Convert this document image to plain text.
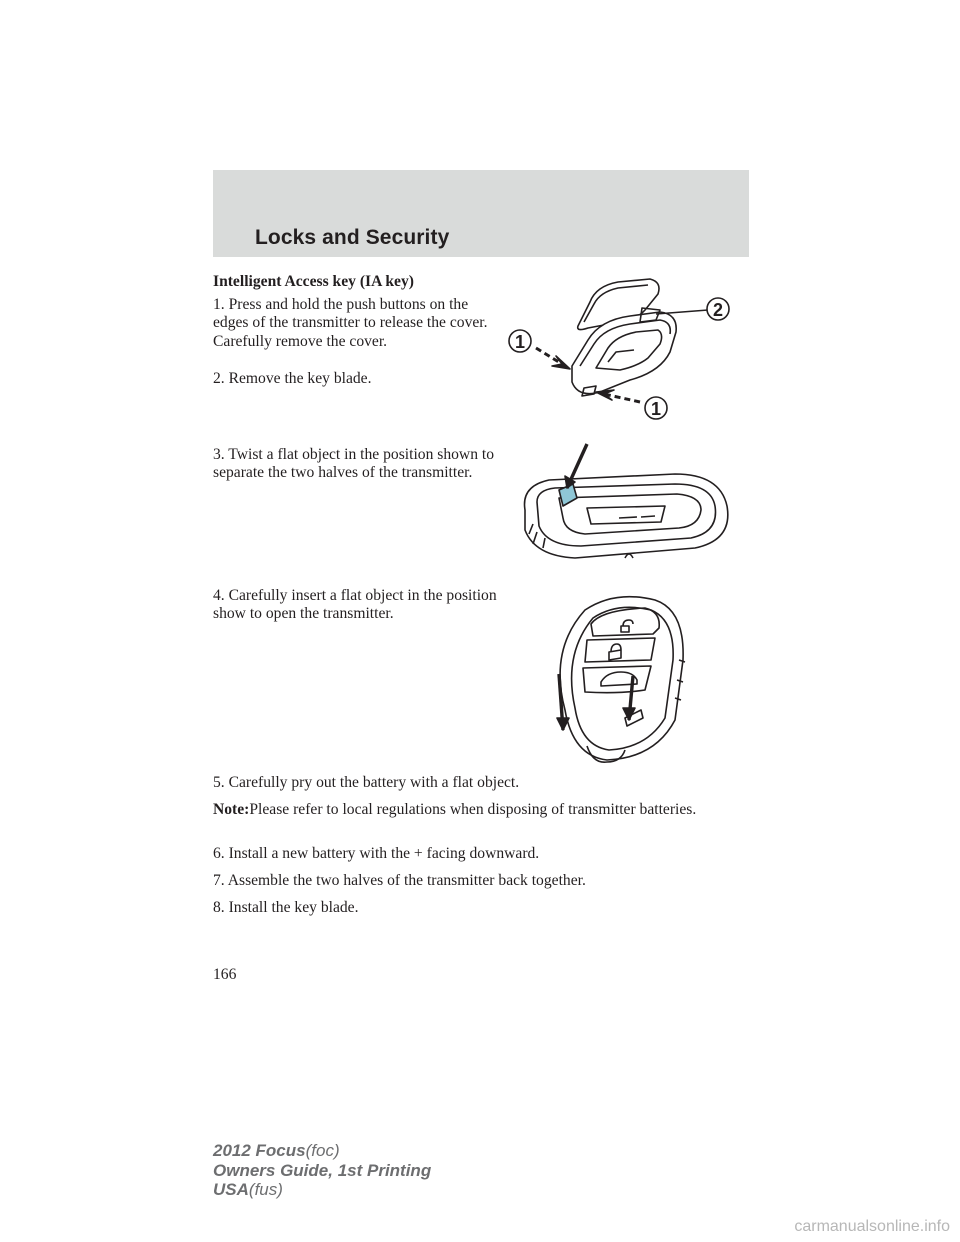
Locks and Security

Intelligent Access key (IA key)

1. Press and hold the push buttons on the edges of the transmitter to release the cover. Carefully remove the cover.

2. Remove the key blade.

3. Twist a flat object in the position shown to separate the two halves of the transmitter.

4. Carefully insert a flat object in the position show to open the transmitter.

5. Carefully pry out the battery with a flat object.

Note:Please refer to local regulations when disposing of transmitter batteries.

6. Install a new battery with the + facing downward.

7. Assemble the two halves of the transmitter back together.

8. Install the key blade.

2
1
1
166
2012 Focus(foc)
Owners Guide, 1st Printing
USA(fus)
carmanualsonline.info
